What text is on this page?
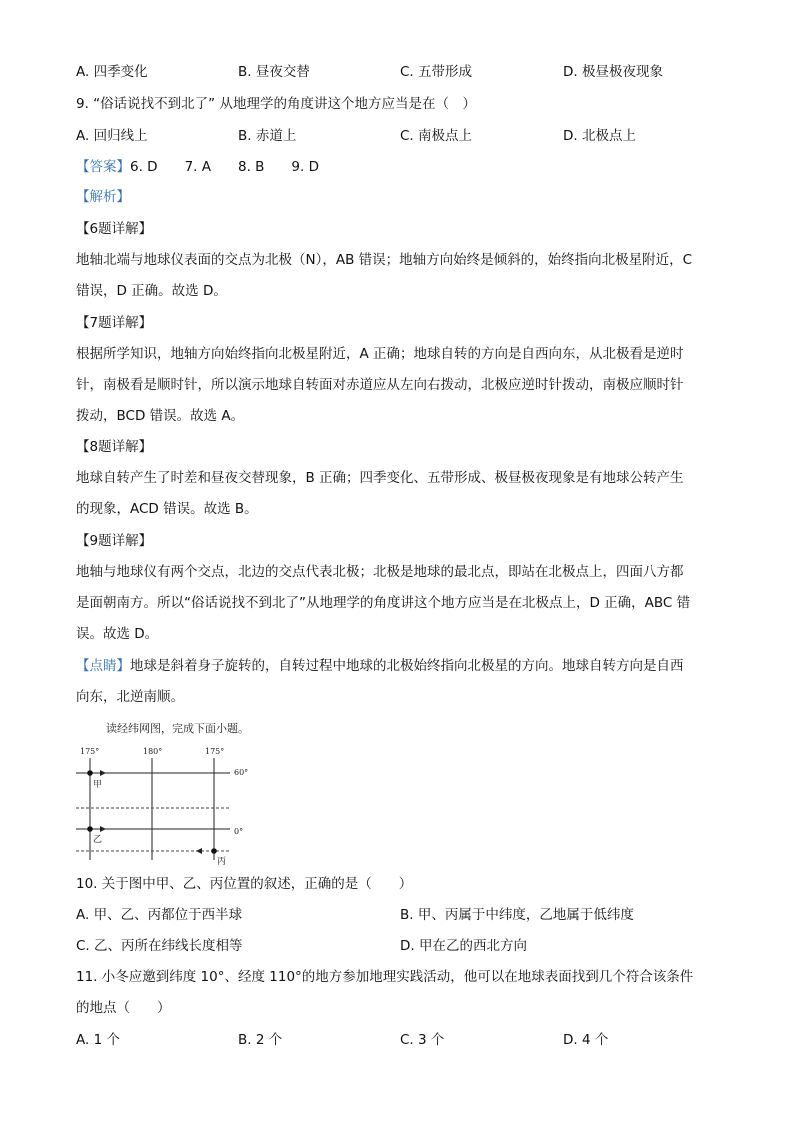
A. 四季变化	B. 昼夜交替	C. 五带形成	D. 极昼极夜现象
9. “俗话说找不到北了” 从地理学的角度讲这个地方应当是在（　）
A. 回归线上	B. 赤道上	C. 南极点上	D. 北极点上
【答案】6. D　　7. A　　8. B　　9. D
【解析】
【6题详解】
地轴北端与地球仪表面的交点为北极（N），AB 错误；地轴方向始终是倾斜的，始终指向北极星附近，C
错误，D 正确。故选 D。
【7题详解】
根据所学知识，地轴方向始终指向北极星附近，A 正确；地球自转的方向是自西向东，从北极看是逆时
针，南极看是顺时针，所以演示地球自转面对赤道应从左向右拨动，北极应逆时针拨动，南极应顺时针
拨动，BCD 错误。故选 A。
【8题详解】
地球自转产生了时差和昼夜交替现象，B 正确；四季变化、五带形成、极昼极夜现象是有地球公转产生
的现象，ACD 错误。故选 B。
【9题详解】
地轴与地球仪有两个交点，北边的交点代表北极；北极是地球的最北点，即站在北极点上，四面八方都
是面朝南方。所以“俗话说找不到北了”从地理学的角度讲这个地方应当是在北极点上，D 正确，ABC 错
误。故选 D。
【点睛】地球是斜着身子旋转的，自转过程中地球的北极始终指向北极星的方向。地球自转方向是自西
向东，北逆南顺。
读经纬网图，完成下面小题。
175°	180°	175°
60°
0°
甲
乙
丙
10. 关于图中甲、乙、丙位置的叙述，正确的是（　　）
A. 甲、乙、丙都位于西半球	B. 甲、丙属于中纬度，乙地属于低纬度
C. 乙、丙所在纬线长度相等	D. 甲在乙的西北方向
11. 小冬应邀到纬度 10°、经度 110°的地方参加地理实践活动，他可以在地球表面找到几个符合该条件
的地点（　　）
A. 1 个	B. 2 个	C. 3 个	D. 4 个
